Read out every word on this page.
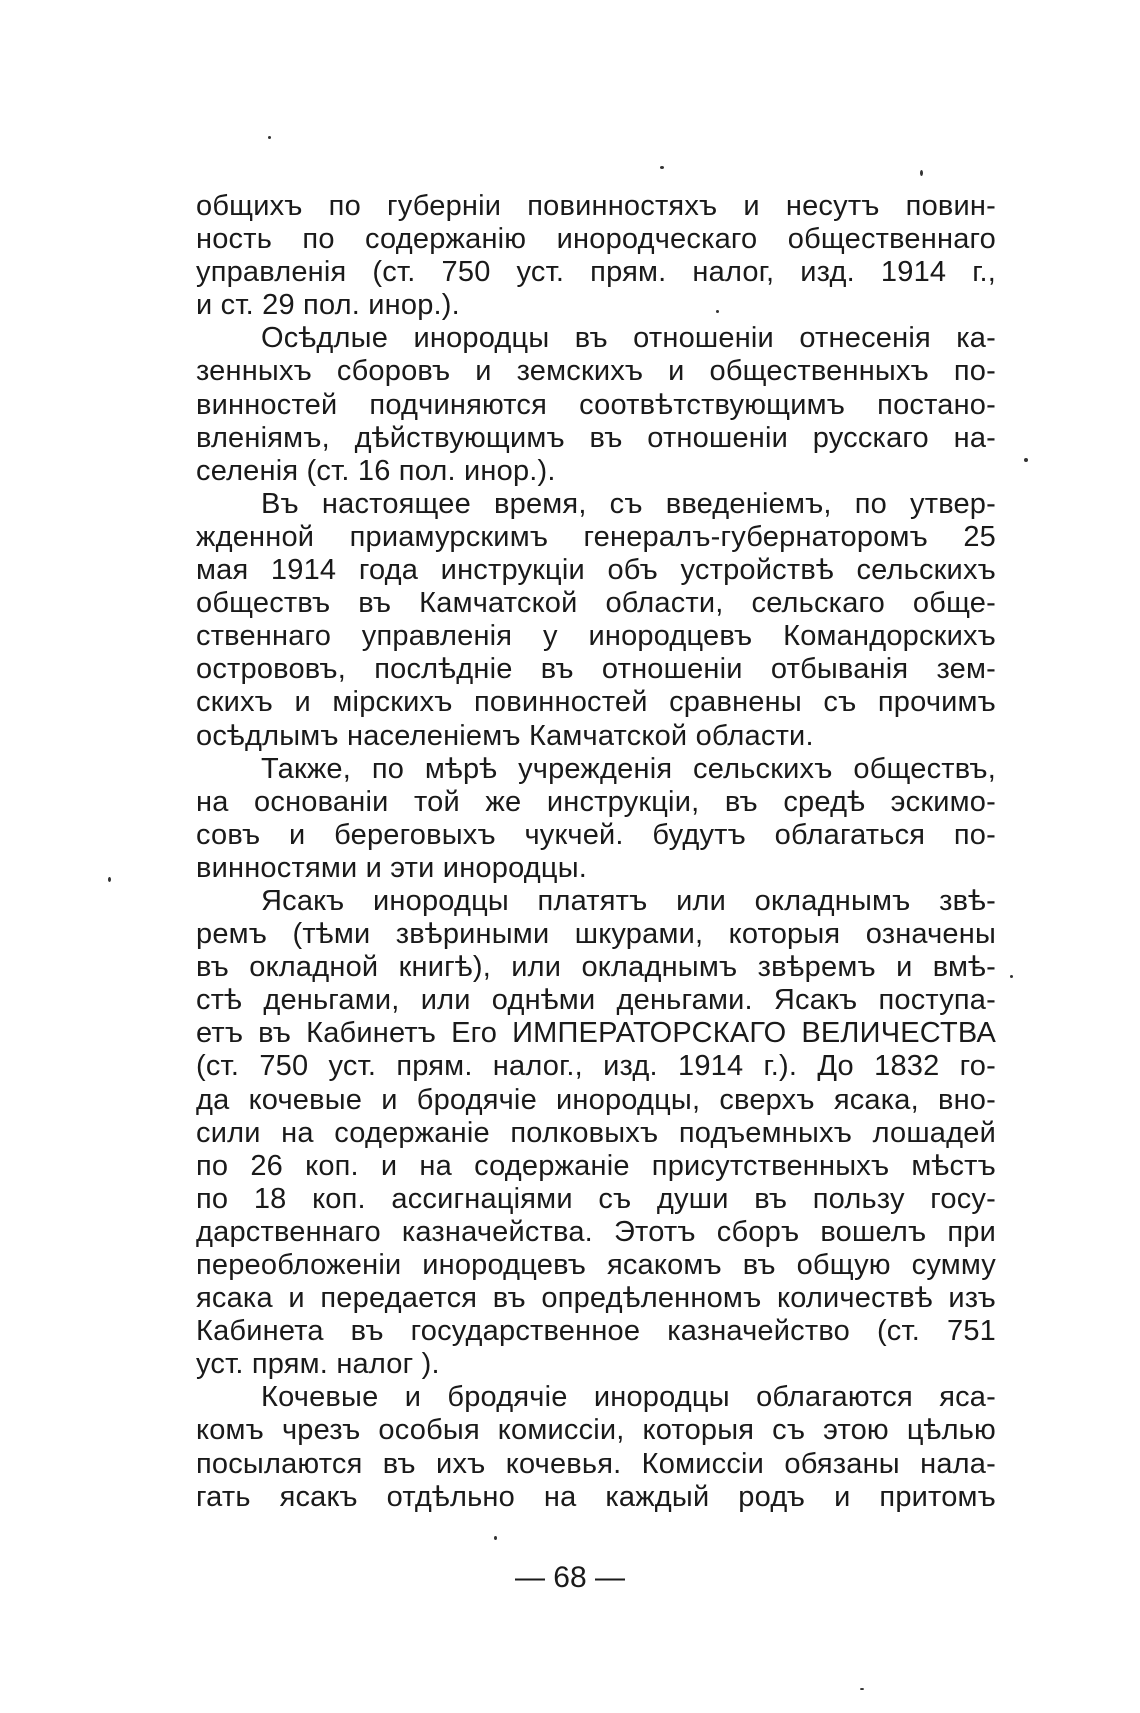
общихъ по губерніи повинностяхъ и несутъ повин-
ность по содержанію инородческаго общественнаго
управленія (ст. 750 уст. прям. налог, изд. 1914 г.,
и ст. 29 пол. инор.).
Осѣдлые инородцы въ отношеніи отнесенія ка-
зенныхъ сборовъ и земскихъ и общественныхъ по-
винностей подчиняются соотвѣтствующимъ постано-
вленіямъ, дѣйствующимъ въ отношеніи русскаго на-
селенія (ст. 16 пол. инор.).
Въ настоящее время, съ введеніемъ, по утвер-
жденной приамурскимъ генералъ-губернаторомъ 25
мая 1914 года инструкціи объ устройствѣ сельскихъ
обществъ въ Камчатской области, сельскаго обще-
ственнаго управленія у инородцевъ Командорскихъ
острововъ, послѣдніе въ отношеніи отбыванія зем-
скихъ и мірскихъ повинностей сравнены съ прочимъ
осѣдлымъ населеніемъ Камчатской области.
Также, по мѣрѣ учрежденія сельскихъ обществъ,
на основаніи той же инструкціи, въ средѣ эскимо-
совъ и береговыхъ чукчей. будутъ облагаться по-
винностями и эти инородцы.
Ясакъ инородцы платятъ или окладнымъ звѣ-
ремъ (тѣми звѣриными шкурами, которыя означены
въ окладной книгѣ), или окладнымъ звѣремъ и вмѣ-
стѣ деньгами, или однѣми деньгами. Ясакъ поступа-
етъ въ Кабинетъ Его ИМПЕРАТОРСКАГО ВЕЛИЧЕСТВА
(ст. 750 уст. прям. налог., изд. 1914 г.). До 1832 го-
да кочевые и бродячіе инородцы, сверхъ ясака, вно-
сили на содержаніе полковыхъ подъемныхъ лошадей
по 26 коп. и на содержаніе присутственныхъ мѣстъ
по 18 коп. ассигнаціями съ души въ пользу госу-
дарственнаго казначейства. Этотъ сборъ вошелъ при
переобложеніи инородцевъ ясакомъ въ общую сумму
ясака и передается въ опредѣленномъ количествѣ изъ
Кабинета въ государственное казначейство (ст. 751
уст. прям. налог ).
Кочевые и бродячіе инородцы облагаются яса-
комъ чрезъ особыя комиссіи, которыя съ этою цѣлью
посылаются въ ихъ кочевья. Комиссіи обязаны нала-
гать ясакъ отдѣльно на каждый родъ и притомъ
— 68 —
